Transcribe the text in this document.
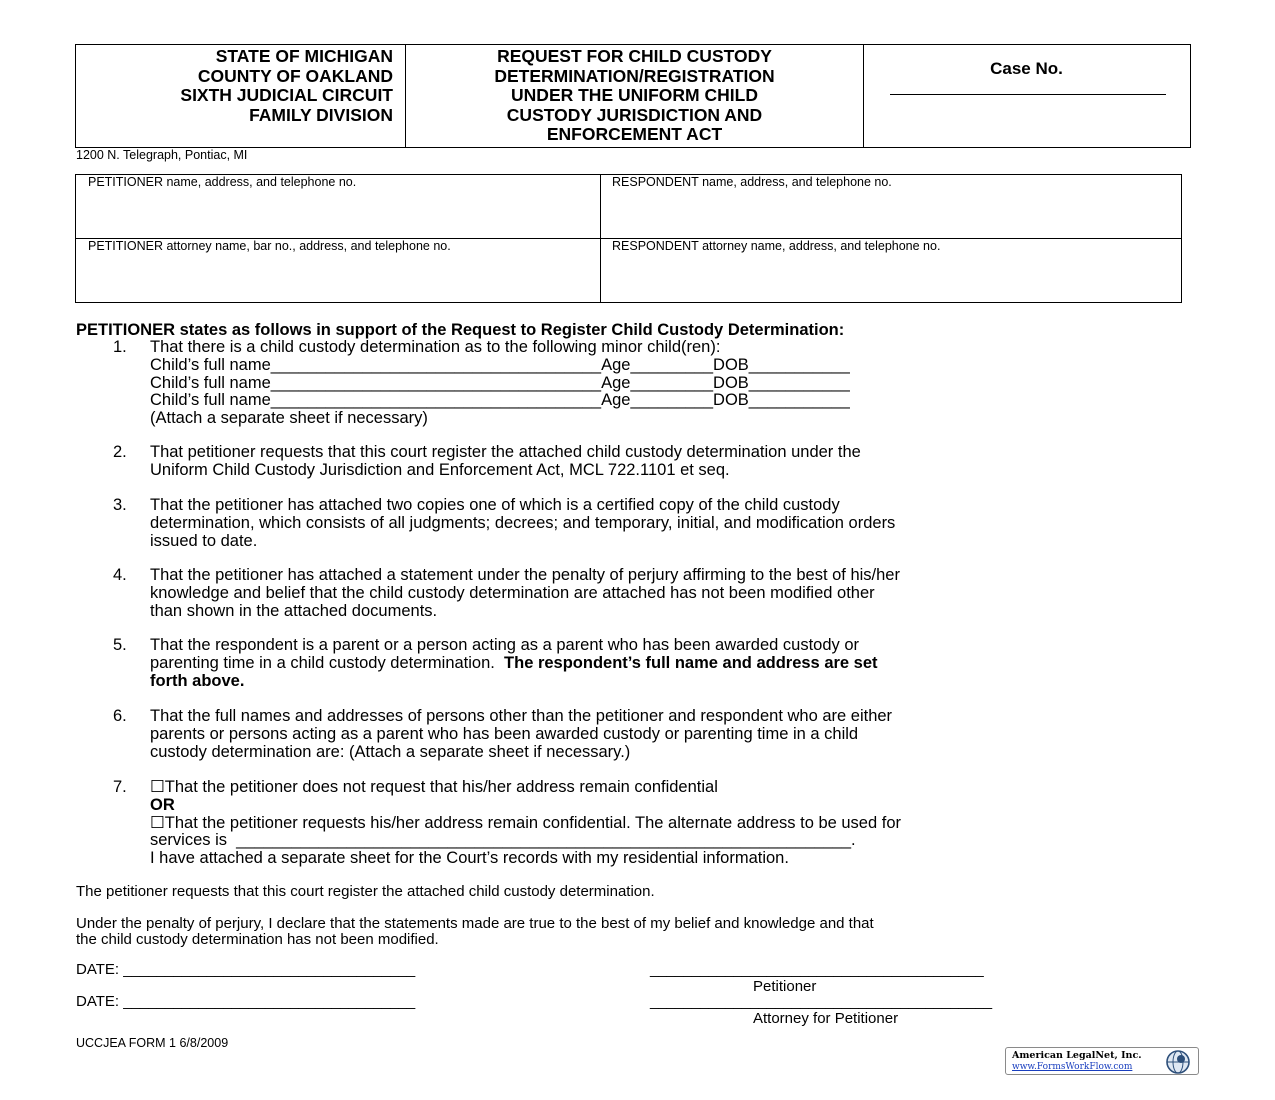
STATE OF MICHIGAN
COUNTY OF OAKLAND
SIXTH JUDICIAL CIRCUIT
FAMILY DIVISION
REQUEST FOR CHILD CUSTODY
DETERMINATION/REGISTRATION
UNDER THE UNIFORM CHILD
CUSTODY JURISDICTION AND
ENFORCEMENT ACT
Case No.
1200 N. Telegraph, Pontiac, MI
PETITIONER name, address, and telephone no.	RESPONDENT name, address, and telephone no.
PETITIONER attorney name, bar no., address, and telephone no.	RESPONDENT attorney name, address, and telephone no.
PETITIONER states as follows in support of the Request to Register Child Custody Determination:
1. That there is a child custody determination as to the following minor child(ren):
Child’s full name____________________________________Age_________DOB___________
Child’s full name____________________________________Age_________DOB___________
Child’s full name____________________________________Age_________DOB___________
(Attach a separate sheet if necessary)
2. That petitioner requests that this court register the attached child custody determination under the
Uniform Child Custody Jurisdiction and Enforcement Act, MCL 722.1101 et seq.
3. That the petitioner has attached two copies one of which is a certified copy of the child custody
determination, which consists of all judgments; decrees; and temporary, initial, and modification orders
issued to date.
4. That the petitioner has attached a statement under the penalty of perjury affirming to the best of his/her
knowledge and belief that the child custody determination are attached has not been modified other
than shown in the attached documents.
5. That the respondent is a parent or a person acting as a parent who has been awarded custody or
parenting time in a child custody determination.  The respondent’s full name and address are set
forth above.
6. That the full names and addresses of persons other than the petitioner and respondent who are either
parents or persons acting as a parent who has been awarded custody or parenting time in a child
custody determination are: (Attach a separate sheet if necessary.)
7. ☐That the petitioner does not request that his/her address remain confidential
OR
☐That the petitioner requests his/her address remain confidential. The alternate address to be used for
services is  ___________________________________________________________________.
I have attached a separate sheet for the Court’s records with my residential information.
The petitioner requests that this court register the attached child custody determination.
Under the penalty of perjury, I declare that the statements made are true to the best of my belief and knowledge and that
the child custody determination has not been modified.
DATE: ___________________________________	________________________________________
Petitioner
DATE: ___________________________________	_________________________________________
Attorney for Petitioner
UCCJEA FORM 1 6/8/2009
American LegalNet, Inc.
www.FormsWorkFlow.com
